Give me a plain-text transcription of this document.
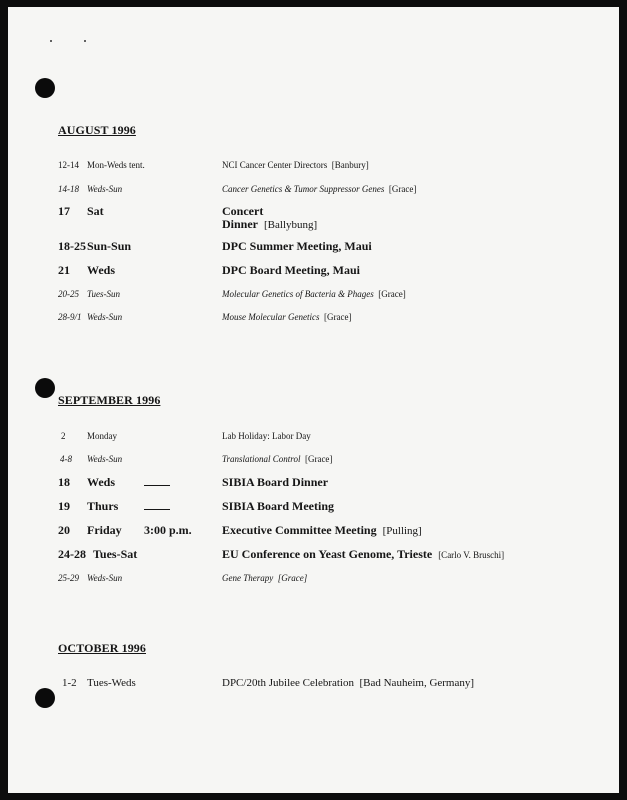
AUGUST 1996
12-14 Mon-Weds tent.	NCI Cancer Center Directors [Banbury]
14-18 Weds-Sun	Cancer Genetics & Tumor Suppressor Genes [Grace]
17 Sat	Concert
Dinner [Ballybung]
18-25 Sun-Sun	DPC Summer Meeting, Maui
21 Weds	DPC Board Meeting, Maui
20-25 Tues-Sun	Molecular Genetics of Bacteria & Phages [Grace]
28-9/1 Weds-Sun	Mouse Molecular Genetics [Grace]
SEPTEMBER 1996
2 Monday	Lab Holiday: Labor Day
4-8 Weds-Sun	Translational Control [Grace]
18 Weds	SIBIA Board Dinner
19 Thurs	SIBIA Board Meeting
20 Friday 3:00 p.m.	Executive Committee Meeting [Pulling]
24-28 Tues-Sat	EU Conference on Yeast Genome, Trieste [Carlo V. Bruschi]
25-29 Weds-Sun	Gene Therapy [Grace]
OCTOBER 1996
1-2 Tues-Weds	DPC/20th Jubilee Celebration [Bad Nauheim, Germany]
